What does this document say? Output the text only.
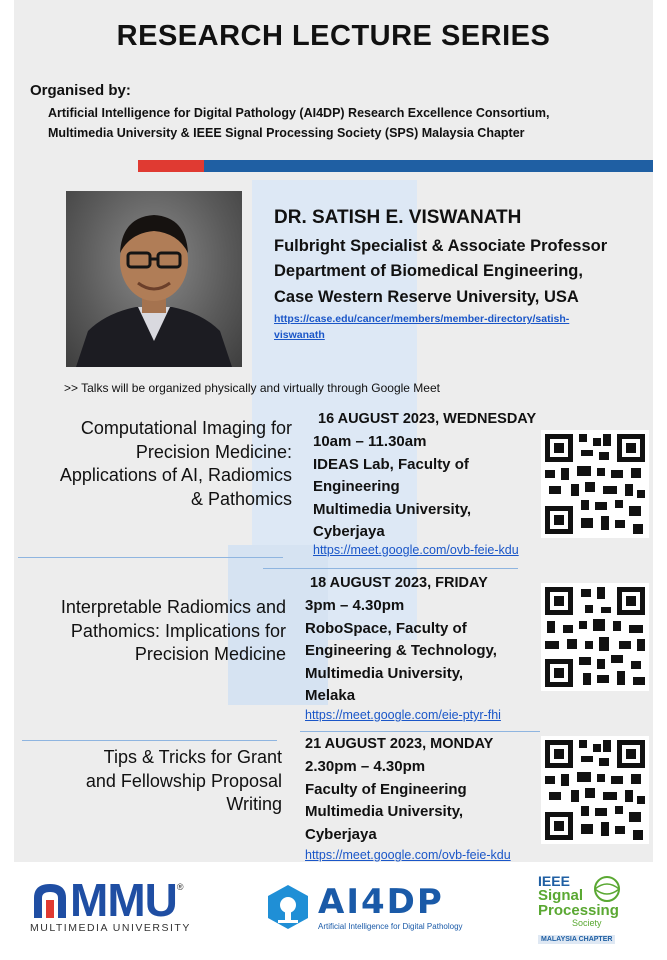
RESEARCH LECTURE SERIES
Organised by:
Artificial Intelligence for Digital Pathology (AI4DP) Research Excellence Consortium,
Multimedia University & IEEE Signal Processing Society (SPS) Malaysia Chapter
DR. SATISH E. VISWANATH
Fulbright Specialist & Associate Professor
Department of Biomedical Engineering,
Case Western Reserve University, USA
https://case.edu/cancer/members/member-directory/satish-
viswanath
>> Talks will be organized physically and virtually through Google Meet
Computational Imaging for
Precision Medicine:
Applications of AI, Radiomics
& Pathomics
16 AUGUST 2023, WEDNESDAY
10am – 11.30am
IDEAS Lab, Faculty of
Engineering
Multimedia University,
Cyberjaya
https://meet.google.com/ovb-feie-kdu
Interpretable Radiomics and
Pathomics: Implications for
Precision Medicine
18 AUGUST 2023, FRIDAY
3pm – 4.30pm
RoboSpace, Faculty of
Engineering & Technology,
Multimedia University,
Melaka
https://meet.google.com/eie-ptyr-fhi
Tips & Tricks for Grant
and Fellowship Proposal
Writing
21 AUGUST 2023, MONDAY
2.30pm – 4.30pm
Faculty of Engineering
Multimedia University,
Cyberjaya
https://meet.google.com/ovb-feie-kdu
MMU ®
MULTIMEDIA UNIVERSITY
AI4DP
Artificial Intelligence for Digital Pathology
IEEE
Signal
Processing
Society
MALAYSIA CHAPTER
